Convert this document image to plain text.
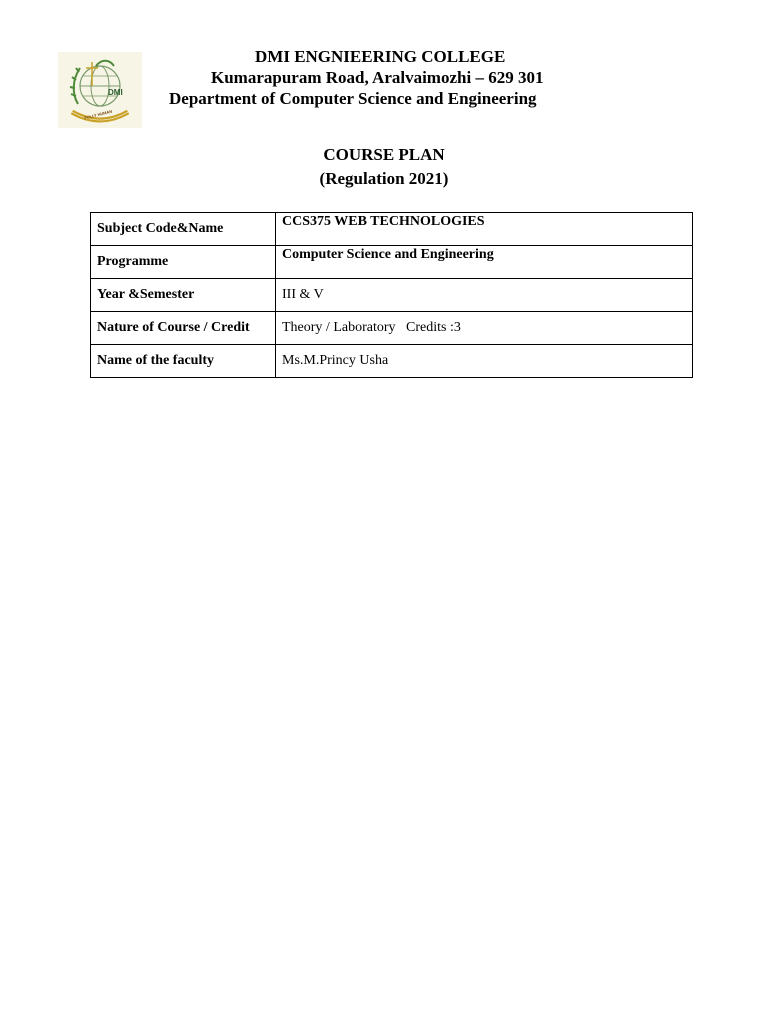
DMI
FULLY HUMAN
DMI ENGNIEERING COLLEGE
Kumarapuram Road, Aralvaimozhi – 629 301
Department of Computer Science and Engineering
COURSE PLAN
(Regulation 2021)
Subject Code&Name	CCS375 WEB TECHNOLOGIES
Programme	Computer Science and Engineering
Year &Semester	III & V
Nature of Course / Credit	Theory / Laboratory   Credits :3
Name of the faculty	Ms.M.Princy Usha
